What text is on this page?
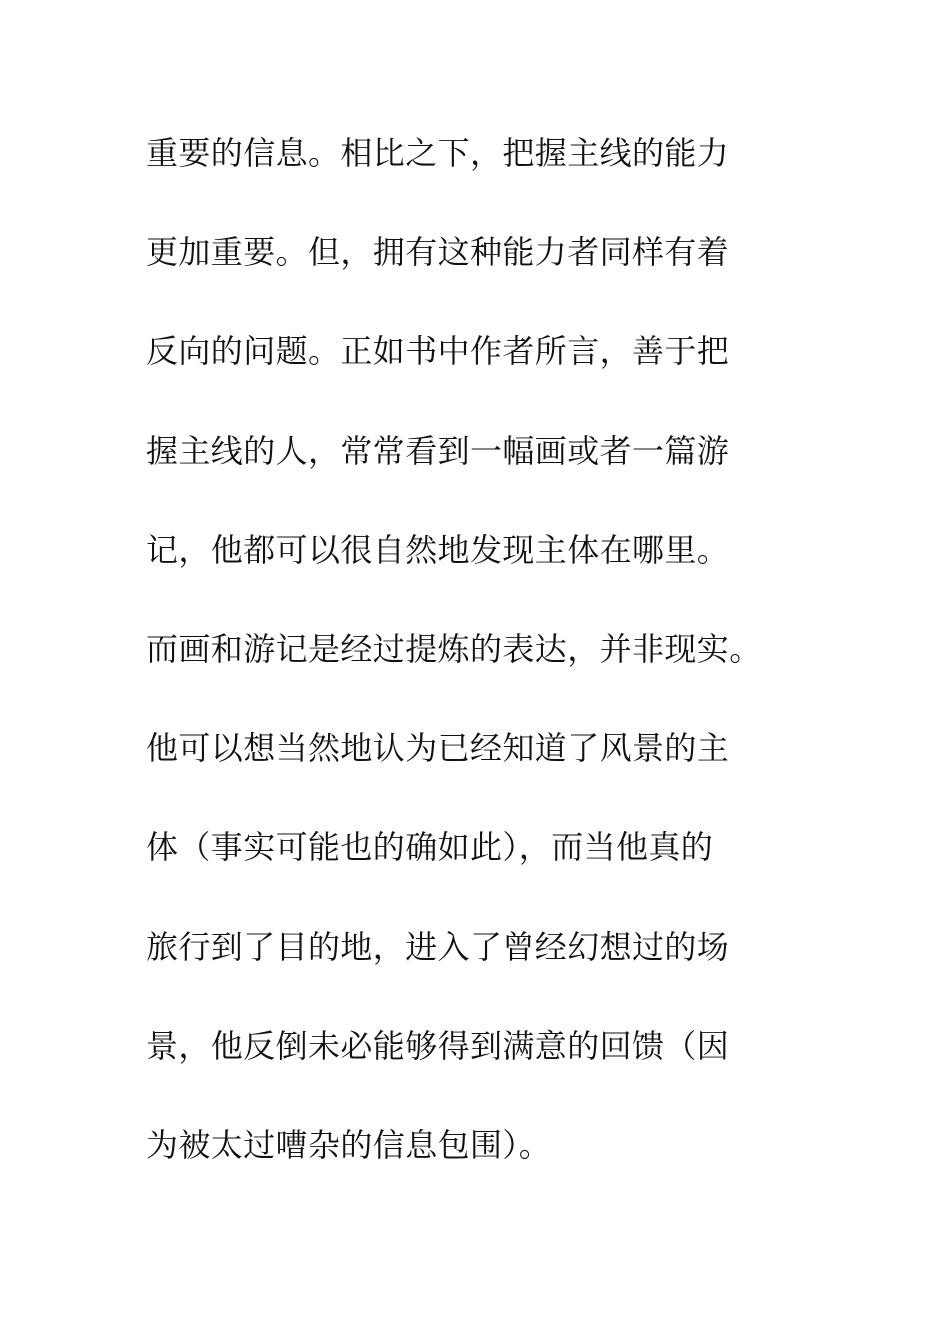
重要的信息。相比之下，把握主线的能力
更加重要。但，拥有这种能力者同样有着
反向的问题。正如书中作者所言，善于把
握主线的人，常常看到一幅画或者一篇游
记，他都可以很自然地发现主体在哪里。
而画和游记是经过提炼的表达，并非现实。
他可以想当然地认为已经知道了风景的主
体（事实可能也的确如此），而当他真的
旅行到了目的地，进入了曾经幻想过的场
景，他反倒未必能够得到满意的回馈（因
为被太过嘈杂的信息包围）。
